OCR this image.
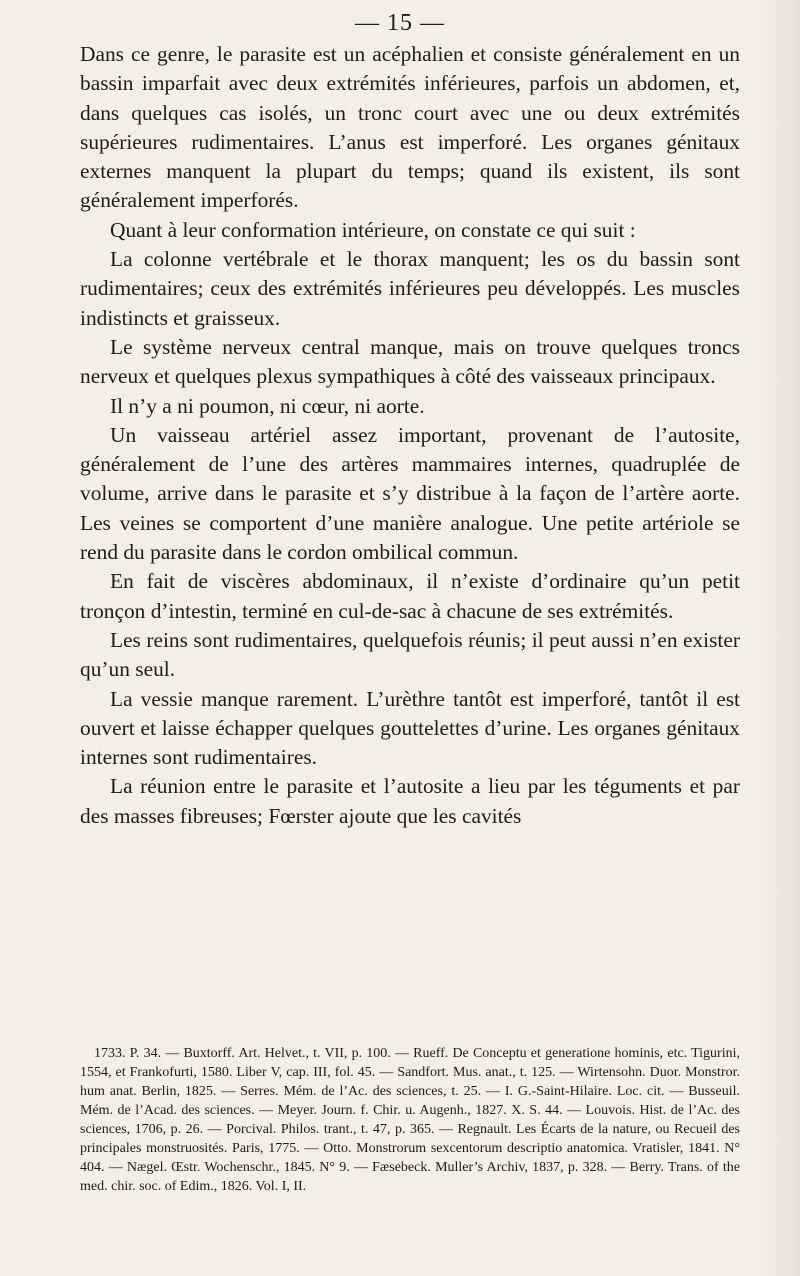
— 15 —

Dans ce genre, le parasite est un acéphalien et consiste généralement en un bassin imparfait avec deux extrémités inférieures, parfois un abdomen, et, dans quelques cas isolés, un tronc court avec une ou deux extrémités supérieures rudimentaires. L’anus est imperforé. Les organes génitaux externes manquent la plupart du temps; quand ils existent, ils sont généralement imperforés.

Quant à leur conformation intérieure, on constate ce qui suit :

La colonne vertébrale et le thorax manquent; les os du bassin sont rudimentaires; ceux des extrémités inférieures peu développés. Les muscles indistincts et graisseux.

Le système nerveux central manque, mais on trouve quelques troncs nerveux et quelques plexus sympathiques à côté des vaisseaux principaux.

Il n’y a ni poumon, ni cœur, ni aorte.

Un vaisseau artériel assez important, provenant de l’autosite, généralement de l’une des artères mammaires internes, quadruplée de volume, arrive dans le parasite et s’y distribue à la façon de l’artère aorte. Les veines se comportent d’une manière analogue. Une petite artériole se rend du parasite dans le cordon ombilical commun.

En fait de viscères abdominaux, il n’existe d’ordinaire qu’un petit tronçon d’intestin, terminé en cul-de-sac à chacune de ses extrémités.

Les reins sont rudimentaires, quelquefois réunis; il peut aussi n’en exister qu’un seul.

La vessie manque rarement. L’urèthre tantôt est imperforé, tantôt il est ouvert et laisse échapper quelques gouttelettes d’urine. Les organes génitaux internes sont rudimentaires.

La réunion entre le parasite et l’autosite a lieu par les téguments et par des masses fibreuses; Fœrster ajoute que les cavités

1733. P. 34. — Buxtorff. Art. Helvet., t. VII, p. 100. — Rueff. De Conceptu et generatione hominis, etc. Tigurini, 1554, et Frankofurti, 1580. Liber V, cap. III, fol. 45. — Sandfort. Mus. anat., t. 125. — Wirtensohn. Duor. Monstror. hum anat. Berlin, 1825. — Serres. Mém. de l’Ac. des sciences, t. 25. — I. G.-Saint-Hilaire. Loc. cit. — Busseuil. Mém. de l’Acad. des sciences. — Meyer. Journ. f. Chir. u. Augenh., 1827. X. S. 44. — Louvois. Hist. de l’Ac. des sciences, 1706, p. 26. — Porcival. Philos. trant., t. 47, p. 365. — Regnault. Les Écarts de la nature, ou Recueil des principales monstruosités. Paris, 1775. — Otto. Monstrorum sexcentorum descriptio anatomica. Vratisler, 1841. N° 404. — Nægel. Œstr. Wochenschr., 1845. N° 9. — Fæsebeck. Muller’s Archiv, 1837, p. 328. — Berry. Trans. of the med. chir. soc. of Edim., 1826. Vol. I, II.
